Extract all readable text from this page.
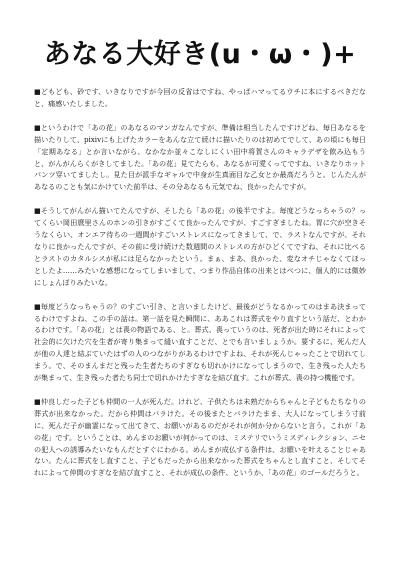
あなる大好き(u・ω・)+

■どもども、砂です、いきなりですが今回の反省はですね、やっぱハマってるウチに本にするべきだなと、痛感いたしました。

■というわけで「あの花」のあなるのマンガなんですが、準備は相当したんですけどね、毎日あなるを描いたりして、pixivにも上げたカラーをあんな立て続けに描いたりのは初めてでして、あの頃にも毎日「定期あなる」とか言いながら、なかなか並々こなしにくい田中将賀さんのキャラデザを飲み込もうと、がんがんらくがきしてました。「あの花」見てたらも、あなるが可愛くってですね、いきなりホットパンツ穿いてましたし。見た目が派手なギャルで中身が生真面目な乙女とか最高だろうと。じんたんがあなるのことも気にかけていた前半は、その分あなるも元気でね、良かったんですが。

■そうしてがんがん描いてたんですが、そしたら「あの花」の後半ですよ。毎度どうなっちゃうの？ってくらい岡田麿里さんのホンの引きがすごくて良かったんですが、すごすぎましたね。胃に穴が空きそうなくらい、オンエア待ちの一週間がすごいストレスになってきまして、で、ラストなんですが、それなりに良かったんですが、その前に受け続けた数週間のストレスの方がひどくてですね、それに比べるとラストのカタルシスが私には足らなかったという。まぁ、まあ、良かった、変なオチじゃなくてほっとしたよ……みたいな感想になってしまいまして、つまり作品自体の出来とはべつに、個人的には微妙にしょんぼりみたいな。

■毎度どうなっちゃうの？のすごい引き、と言いましたけど、最後がどうなるかってのはまあ決まってるわけですよね、この手の話は。第一話を見た瞬間に、ああこれは葬式をやり直すという話だ、とわかるわけです。「あの花」とは喪の物語である、と。葬式、喪っていうのは、死者が出た時にそれによって社会的に欠けた穴を生者が寄り集まって縫い直すことだ、とでも言いましょうか。要するに、死んだ人が他の人達と結ぶていたはずの人のつながりがあるわけですよね、それが死んじゃったことで切れてしまう。で、そのまんまだと残った生者たちのすぎなも切れかけになってしまうので、生き残った人たちが集まって、生き残った者たち同士で切れかけたすぎなを結び直す。これが葬式、喪の持つ機能です。

■仲良しだった子ども仲間の一人が死んだ。けれど、子供たちは未熟だからちゃんと子どもたちなりの葬式が出来なかった。だから仲間はバラけた。その後またとバラけたまま、大人になってしまう寸前に、死んだ子が幽霊になって出てきて、お願いがあるのだがそれが何か分からないと言う。これが「あの花」です。ということは、めんまのお願いが何かってのは、ミステリでいうミスディレクション、ニセの犯人への誘導みたいなもんだとすぐにわかる。めんまが成仏する条件は、お願いを叶えることじゃあない。たんに葬式をし直すこと、子どもだったから出来なかった葬式をちゃんとし直すこと、そしてそれによって仲間のすぎなを結び直すこと、それが成仏の条件、というか、「あの花」のゴールだろうと。
